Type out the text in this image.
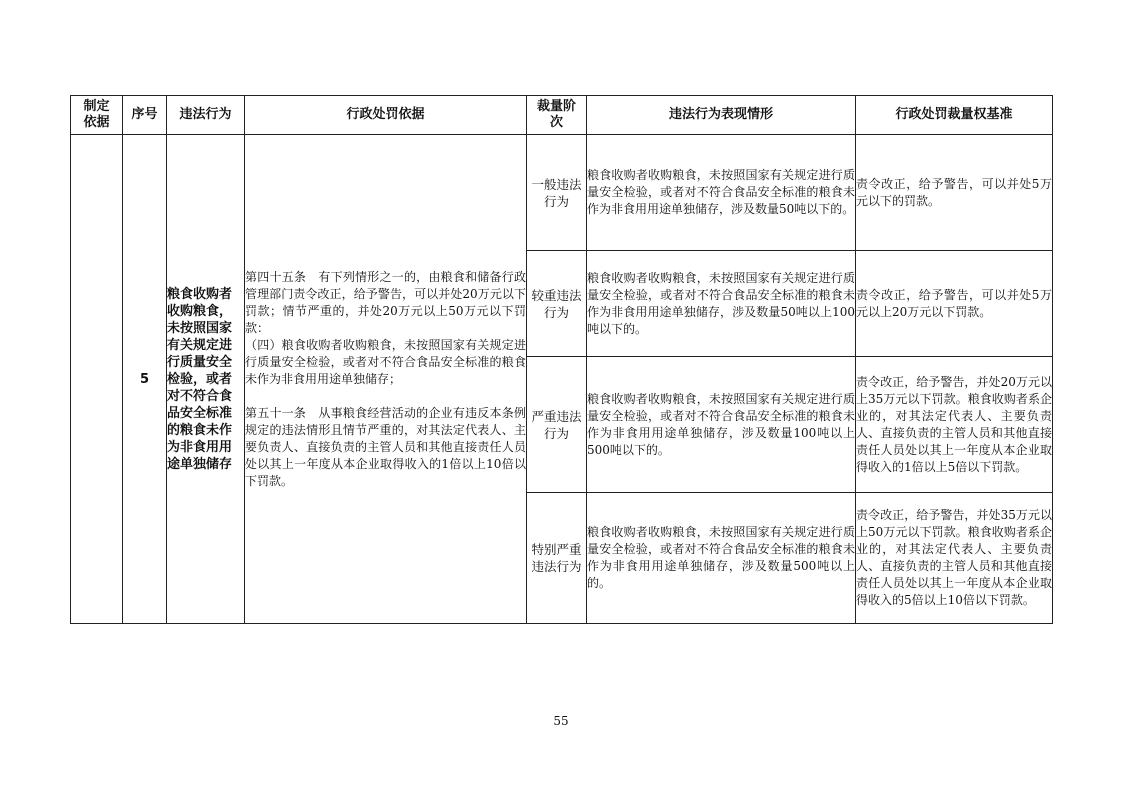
制定依据	序号	违法行为	行政处罚依据	裁量阶次	违法行为表现情形	行政处罚裁量权基准
	5	粮食收购者收购粮食，未按照国家有关规定进行质量安全检验，或者对不符合食品安全标准的粮食未作为非食用用途单独储存	第四十五条　有下列情形之一的，由粮食和储备行政管理部门责令改正，给予警告，可以并处20万元以下罚款；情节严重的，并处20万元以上50万元以下罚款：

（四）粮食收购者收购粮食，未按照国家有关规定进行质量安全检验，或者对不符合食品安全标准的粮食未作为非食用用途单独储存；

第五十一条　从事粮食经营活动的企业有违反本条例规定的违法情形且情节严重的，对其法定代表人、主要负责人、直接负责的主管人员和其他直接责任人员处以其上一年度从本企业取得收入的1倍以上10倍以下罚款。	一般违法行为	粮食收购者收购粮食，未按照国家有关规定进行质量安全检验，或者对不符合食品安全标准的粮食未作为非食用用途单独储存，涉及数量50吨以下的。	责令改正，给予警告，可以并处5万元以下的罚款。
				较重违法行为	粮食收购者收购粮食，未按照国家有关规定进行质量安全检验，或者对不符合食品安全标准的粮食未作为非食用用途单独储存，涉及数量50吨以上100吨以下的。	责令改正，给予警告，可以并处5万元以上20万元以下罚款。
				严重违法行为	粮食收购者收购粮食，未按照国家有关规定进行质量安全检验，或者对不符合食品安全标准的粮食未作为非食用用途单独储存，涉及数量100吨以上500吨以下的。	责令改正，给予警告，并处20万元以上35万元以下罚款。粮食收购者系企业的，对其法定代表人、主要负责人、直接负责的主管人员和其他直接责任人员处以其上一年度从本企业取得收入的1倍以上5倍以下罚款。
				特别严重违法行为	粮食收购者收购粮食，未按照国家有关规定进行质量安全检验，或者对不符合食品安全标准的粮食未作为非食用用途单独储存，涉及数量500吨以上的。	责令改正，给予警告，并处35万元以上50万元以下罚款。粮食收购者系企业的，对其法定代表人、主要负责人、直接负责的主管人员和其他直接责任人员处以其上一年度从本企业取得收入的5倍以上10倍以下罚款。
55
